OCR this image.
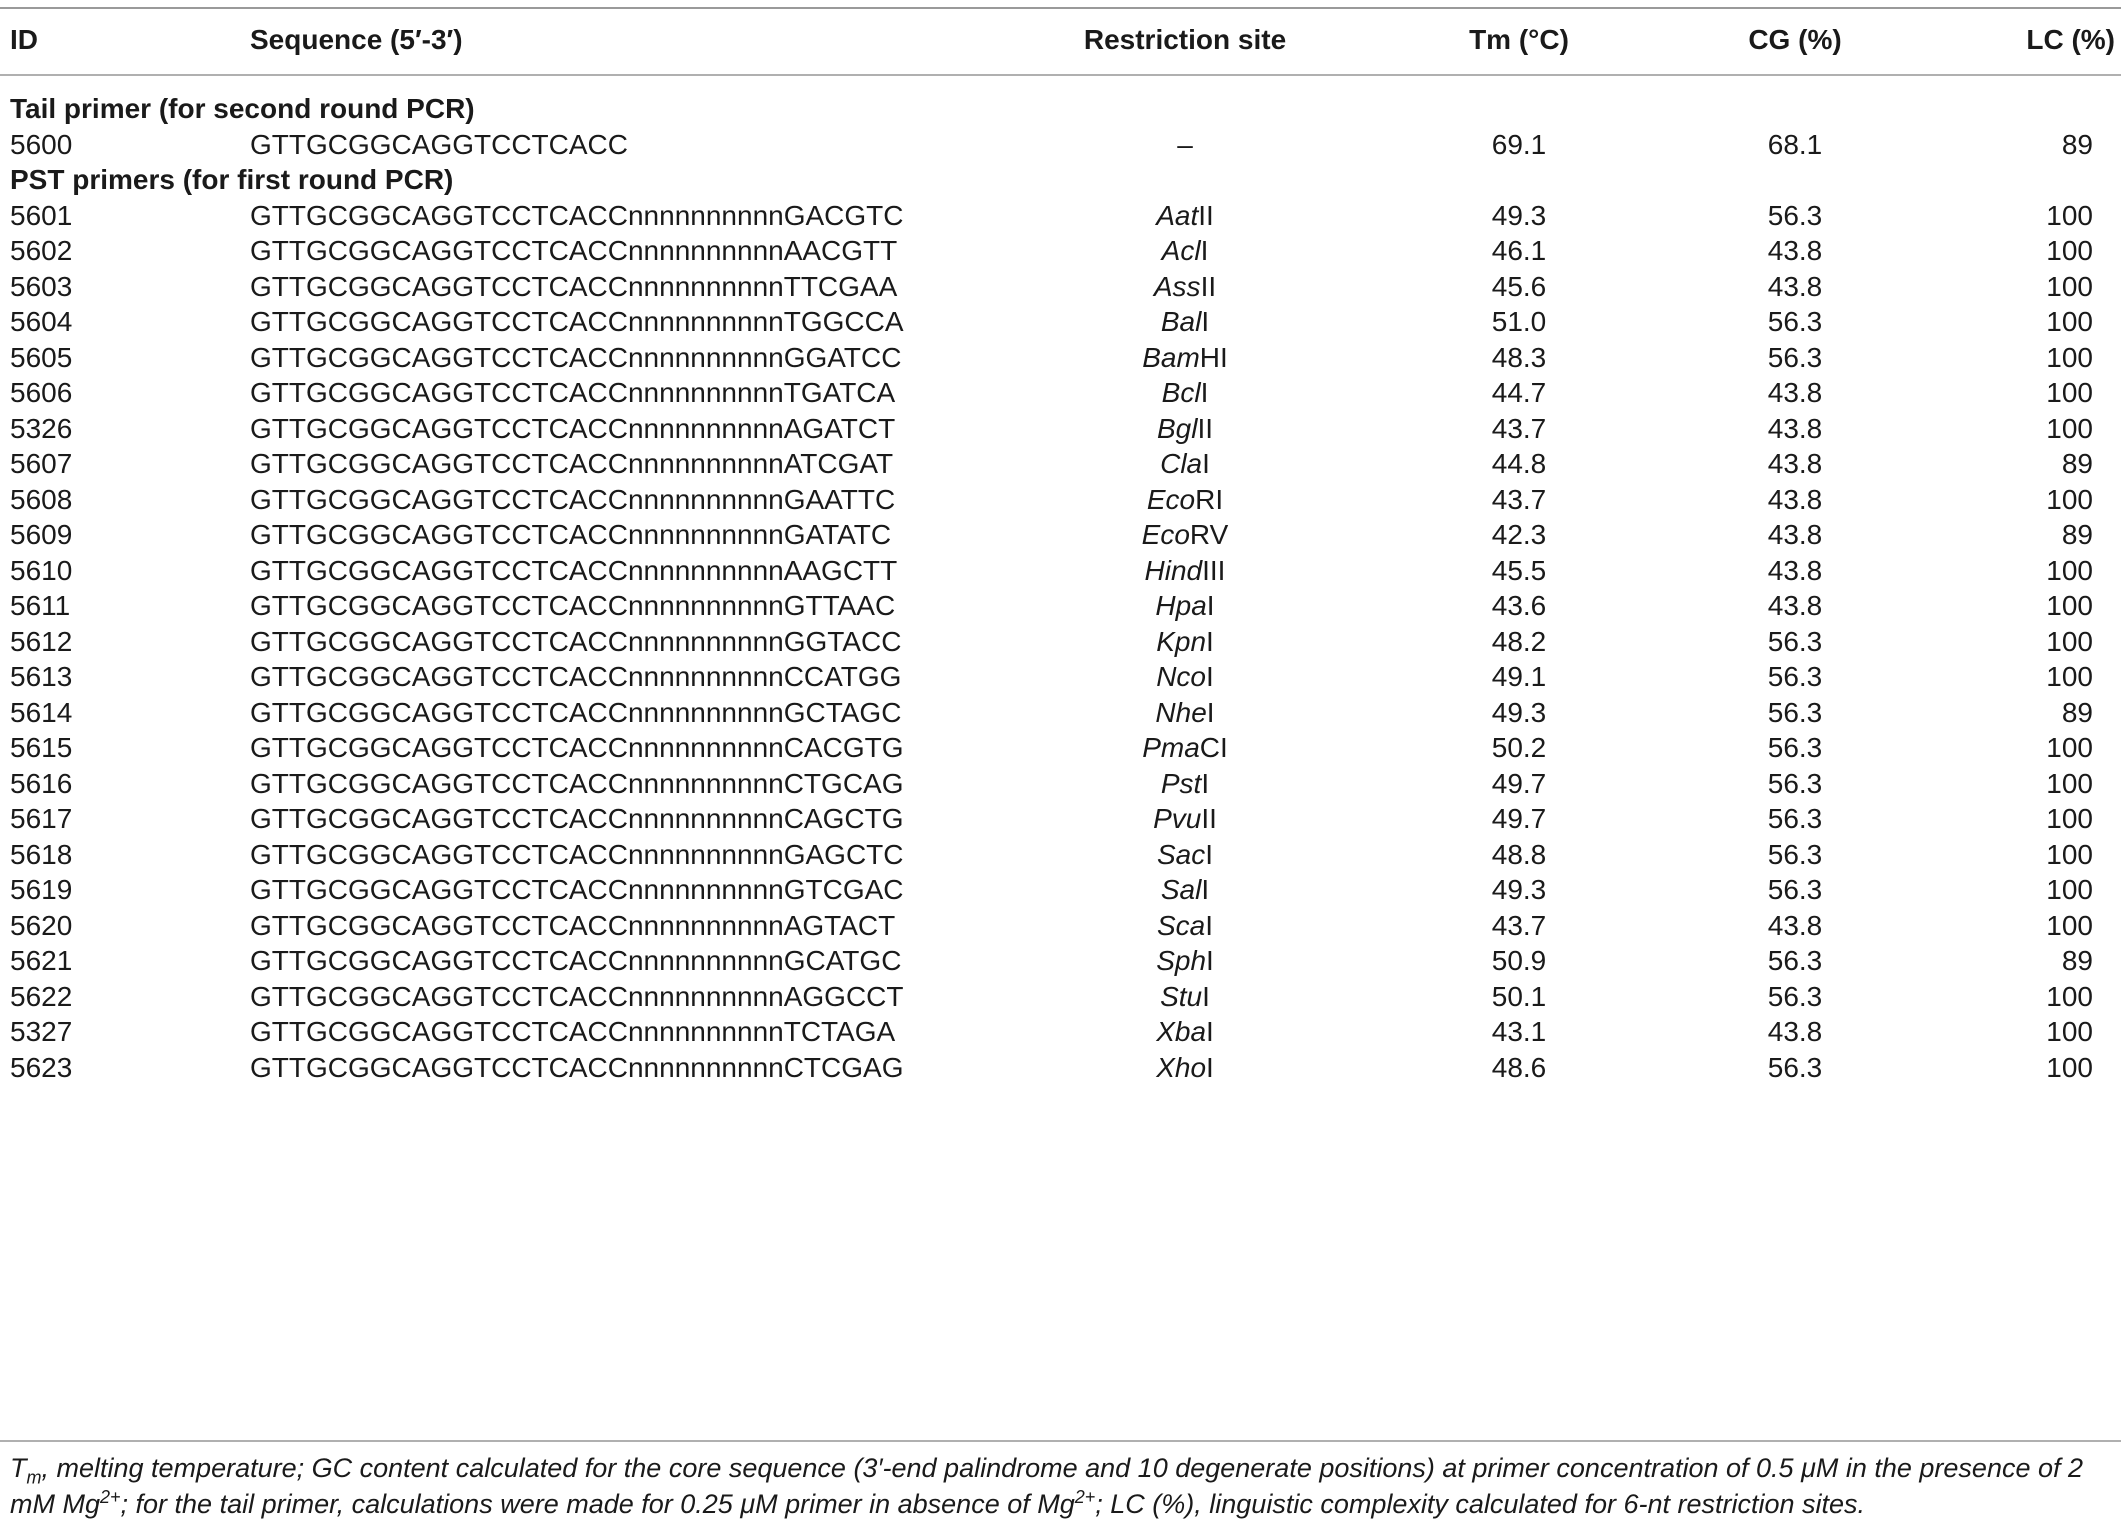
ID	Sequence (5′-3′)	Restriction site	Tm (°C)	CG (%)	LC (%)
Tail primer (for second round PCR)
5600	GTTGCGGCAGGTCCTCACC	–	69.1	68.1	89
PST primers (for first round PCR)
5601	GTTGCGGCAGGTCCTCACCnnnnnnnnnnGACGTC	AatII	49.3	56.3	100
5602	GTTGCGGCAGGTCCTCACCnnnnnnnnnnAACGTT	AclI	46.1	43.8	100
5603	GTTGCGGCAGGTCCTCACCnnnnnnnnnnTTCGAA	AssII	45.6	43.8	100
5604	GTTGCGGCAGGTCCTCACCnnnnnnnnnnTGGCCA	BalI	51.0	56.3	100
5605	GTTGCGGCAGGTCCTCACCnnnnnnnnnnGGATCC	BamHI	48.3	56.3	100
5606	GTTGCGGCAGGTCCTCACCnnnnnnnnnnTGATCA	BclI	44.7	43.8	100
5326	GTTGCGGCAGGTCCTCACCnnnnnnnnnnAGATCT	BglII	43.7	43.8	100
5607	GTTGCGGCAGGTCCTCACCnnnnnnnnnnATCGAT	ClaI	44.8	43.8	89
5608	GTTGCGGCAGGTCCTCACCnnnnnnnnnnGAATTC	EcoRI	43.7	43.8	100
5609	GTTGCGGCAGGTCCTCACCnnnnnnnnnnGATATC	EcoRV	42.3	43.8	89
5610	GTTGCGGCAGGTCCTCACCnnnnnnnnnnAAGCTT	HindIII	45.5	43.8	100
5611	GTTGCGGCAGGTCCTCACCnnnnnnnnnnGTTAAC	HpaI	43.6	43.8	100
5612	GTTGCGGCAGGTCCTCACCnnnnnnnnnnGGTACC	KpnI	48.2	56.3	100
5613	GTTGCGGCAGGTCCTCACCnnnnnnnnnnCCATGG	NcoI	49.1	56.3	100
5614	GTTGCGGCAGGTCCTCACCnnnnnnnnnnGCTAGC	NheI	49.3	56.3	89
5615	GTTGCGGCAGGTCCTCACCnnnnnnnnnnCACGTG	PmaCI	50.2	56.3	100
5616	GTTGCGGCAGGTCCTCACCnnnnnnnnnnCTGCAG	PstI	49.7	56.3	100
5617	GTTGCGGCAGGTCCTCACCnnnnnnnnnnCAGCTG	PvuII	49.7	56.3	100
5618	GTTGCGGCAGGTCCTCACCnnnnnnnnnnGAGCTC	SacI	48.8	56.3	100
5619	GTTGCGGCAGGTCCTCACCnnnnnnnnnnGTCGAC	SalI	49.3	56.3	100
5620	GTTGCGGCAGGTCCTCACCnnnnnnnnnnAGTACT	ScaI	43.7	43.8	100
5621	GTTGCGGCAGGTCCTCACCnnnnnnnnnnGCATGC	SphI	50.9	56.3	89
5622	GTTGCGGCAGGTCCTCACCnnnnnnnnnnAGGCCT	StuI	50.1	56.3	100
5327	GTTGCGGCAGGTCCTCACCnnnnnnnnnnTCTAGA	XbaI	43.1	43.8	100
5623	GTTGCGGCAGGTCCTCACCnnnnnnnnnnCTCGAG	XhoI	48.6	56.3	100
$T_m$, melting temperature; GC content calculated for the core sequence (3′-end palindrome and 10 degenerate positions) at primer concentration of 0.5 μM in the presence of 2 mM $Mg^{2+}$; for the tail primer, calculations were made for 0.25 μM primer in absence of $Mg^{2+}$; LC (%), linguistic complexity calculated for 6-nt restriction sites.
